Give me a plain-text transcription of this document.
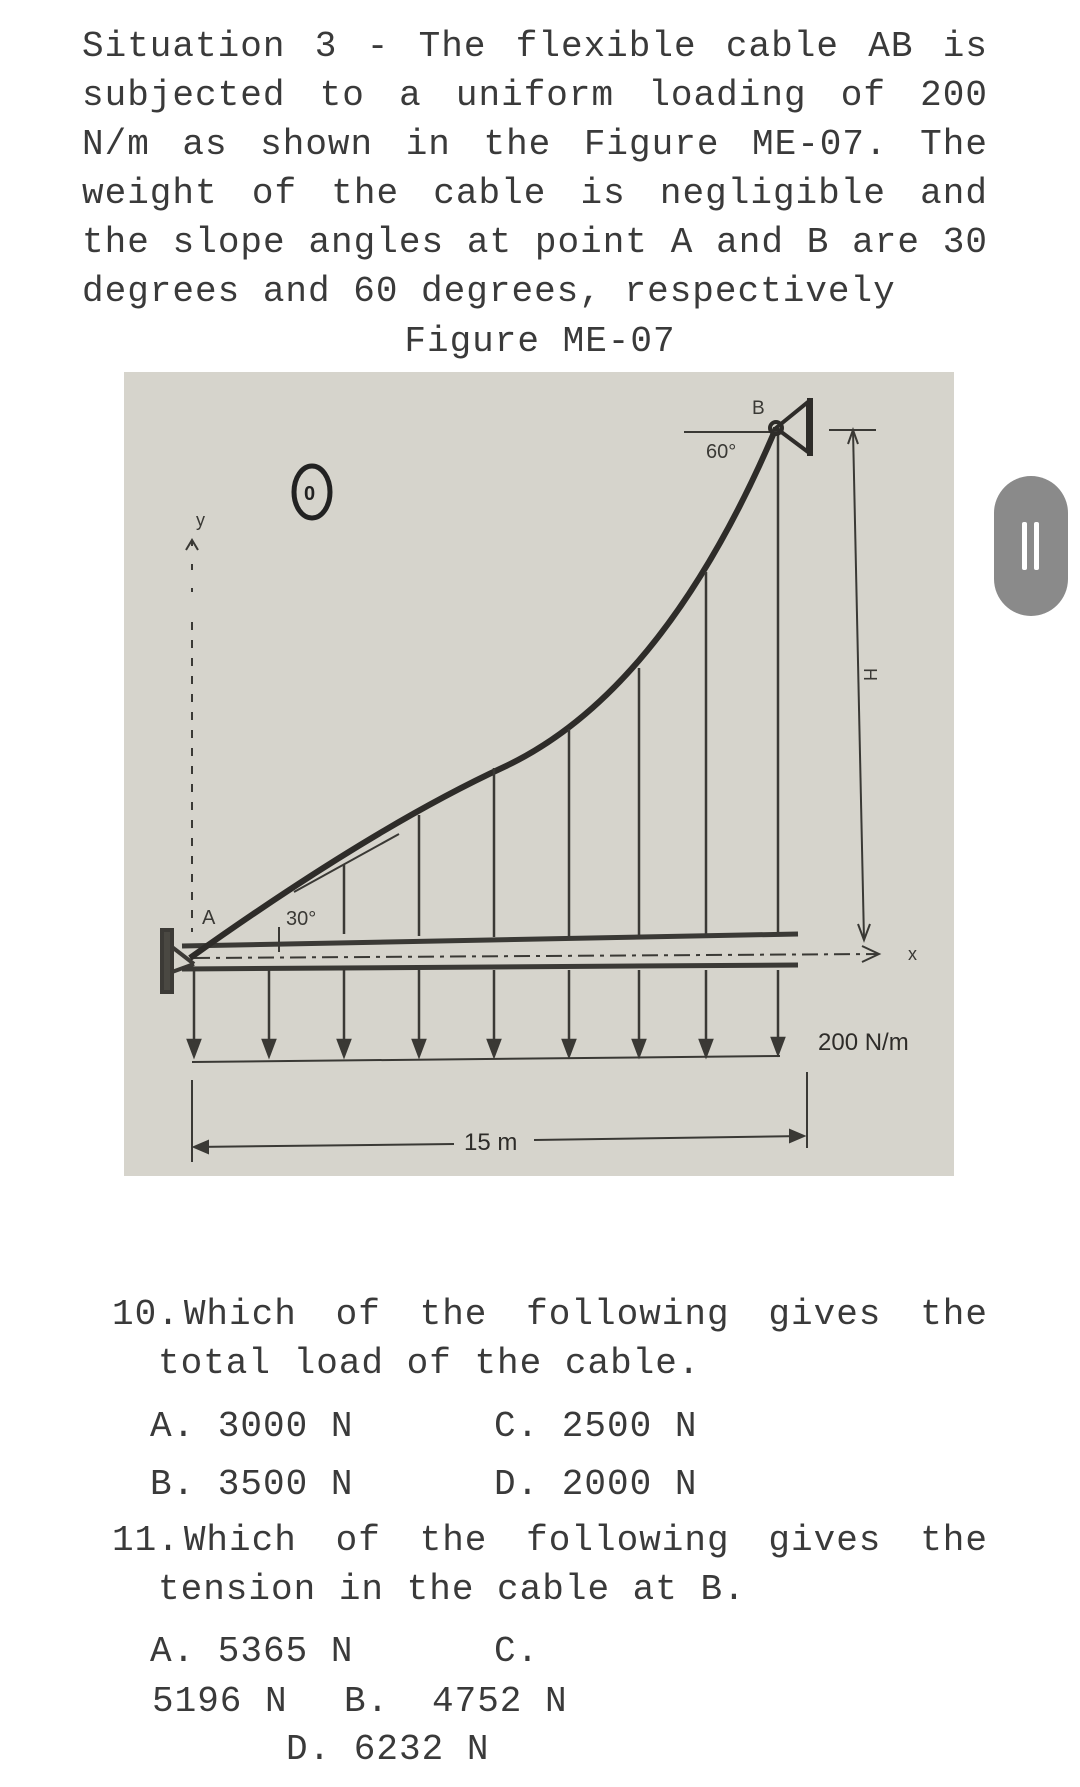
Situation 3 - The flexible cable AB is subjected to a uniform loading of 200 N/m as shown in the Figure ME-07. The weight of the cable is negligible and the slope angles at point A and B are 30 degrees and 60 degrees, respectively

Figure ME-07
y
A	30°
B
60°
H
x
200 N/m
15 m
0
10. Which of the following gives the
total load of the cable.
A. 3000 N	C. 2500 N
B. 3500 N	D. 2000 N
11. Which of the following gives the
tension in the cable at B.
A. 5365 N	C.
5196 N B. 4752 N
D. 6232 N
